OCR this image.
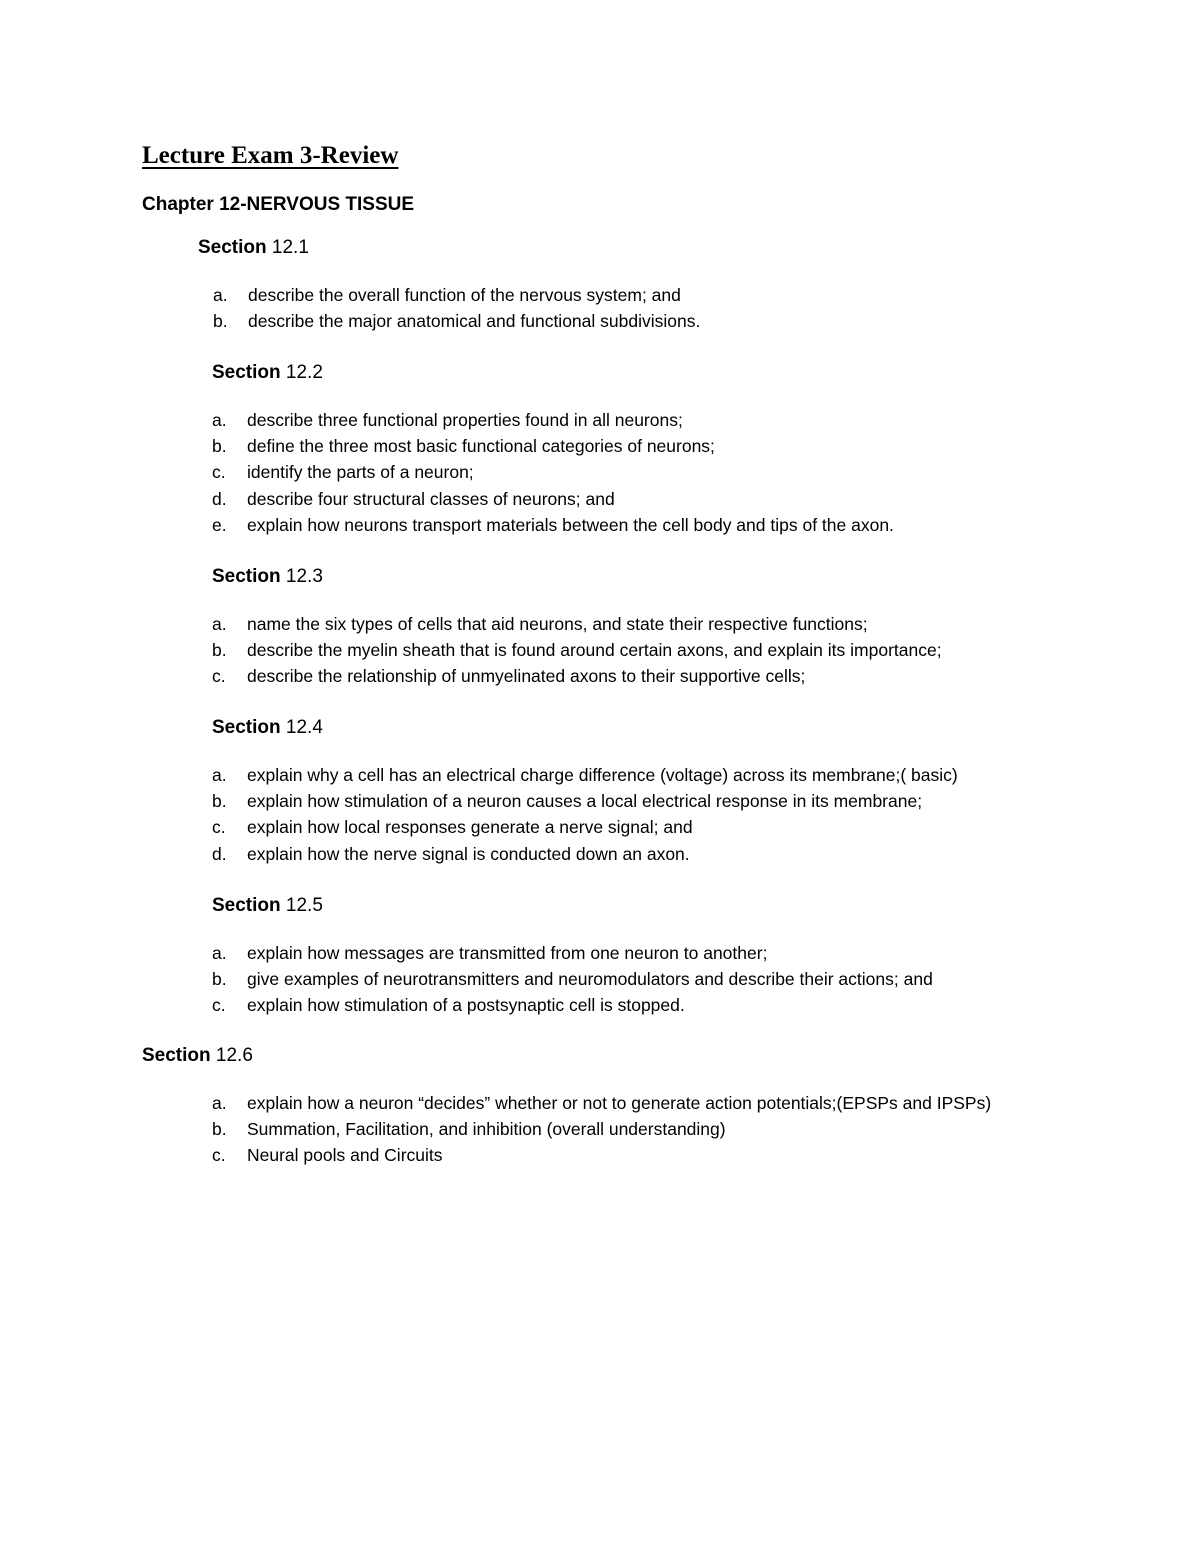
Lecture Exam 3-Review
Chapter 12-NERVOUS TISSUE
Section 12.1
a. describe the overall function of the nervous system; and
b. describe the major anatomical and functional subdivisions.
Section 12.2
a. describe three functional properties found in all neurons;
b. define the three most basic functional categories of neurons;
c. identify the parts of a neuron;
d. describe four structural classes of neurons; and
e. explain how neurons transport materials between the cell body and tips of the axon.
Section 12.3
a. name the six types of cells that aid neurons, and state their respective functions;
b. describe the myelin sheath that is found around certain axons, and explain its importance;
c. describe the relationship of unmyelinated axons to their supportive cells;
Section 12.4
a. explain why a cell has an electrical charge difference (voltage) across its membrane;( basic)
b. explain how stimulation of a neuron causes a local electrical response in its membrane;
c. explain how local responses generate a nerve signal; and
d. explain how the nerve signal is conducted down an axon.
Section 12.5
a. explain how messages are transmitted from one neuron to another;
b. give examples of neurotransmitters and neuromodulators and describe their actions; and
c. explain how stimulation of a postsynaptic cell is stopped.
Section 12.6
a. explain how a neuron “decides” whether or not to generate action potentials;(EPSPs and IPSPs)
b. Summation, Facilitation, and inhibition (overall understanding)
c. Neural pools and Circuits
